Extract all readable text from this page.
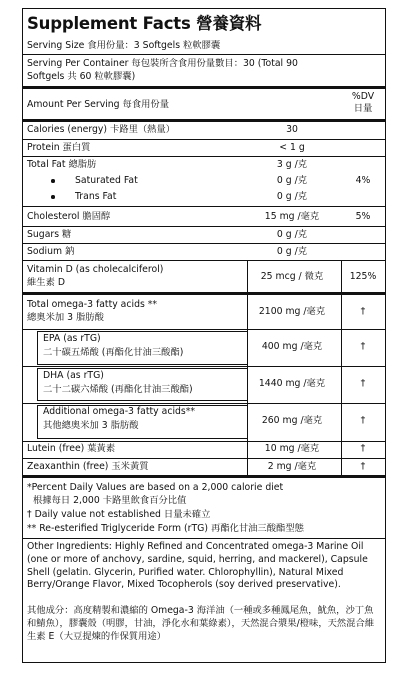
Supplement Facts 營養資料
Serving Size 食用份量：3 Softgels 粒軟膠囊
Serving Per Container 每包裝所含食用份量數目：30 (Total 90
Softgels 共 60 粒軟膠囊)
Amount Per Serving 每食用份量
%DV
日量
Calories (energy) 卡路里（熱量）	30
Protein 蛋白質	< 1 g
Total Fat 總脂肪	3 g /克
Saturated Fat	0 g /克	4%
Trans Fat	0 g /克
Cholesterol 膽固醇	15 mg /毫克	5%
Sugars 糖	0 g /克
Sodium 鈉	0 g /克
Vitamin D (as cholecalciferol)
維生素 D
25 mcg / 微克	125%
Total omega-3 fatty acids **
總奧米加 3 脂肪酸
2100 mg /毫克	†
EPA (as rTG)
二十碳五烯酸 (再酯化甘油三酸酯)
400 mg /毫克	†
DHA (as rTG)
二十二碳六烯酸 (再酯化甘油三酸酯)
1440 mg /毫克	†
Additional omega-3 fatty acids**
其他總奧米加 3 脂肪酸	260 mg /毫克	†
Lutein (free) 葉黃素	10 mg /毫克	†
Zeaxanthin (free) 玉米黃質	2 mg /毫克	†
*Percent Daily Values are based on a 2,000 calorie diet
根據每日 2,000 卡路里飲食百分比值
† Daily value not established 日量未確立
** Re-esterified Triglyceride Form (rTG) 再酯化甘油三酸酯型態
Other Ingredients: Highly Refined and Concentrated omega-3 Marine Oil (one or more of anchovy, sardine, squid, herring, and mackerel), Capsule Shell (gelatin. Glycerin, Purified water. Chlorophyllin), Natural Mixed Berry/Orange Flavor, Mixed Tocopherols (soy derived preservative).
其他成分：高度精製和濃縮的 Omega-3 海洋油（一種或多種鳳尾魚，魷魚，沙丁魚和鯖魚），膠囊殼（明膠，甘油，淨化水和葉綠素），天然混合漿果/橙味，天然混合維生素 E（大豆提煉的作保質用途）
